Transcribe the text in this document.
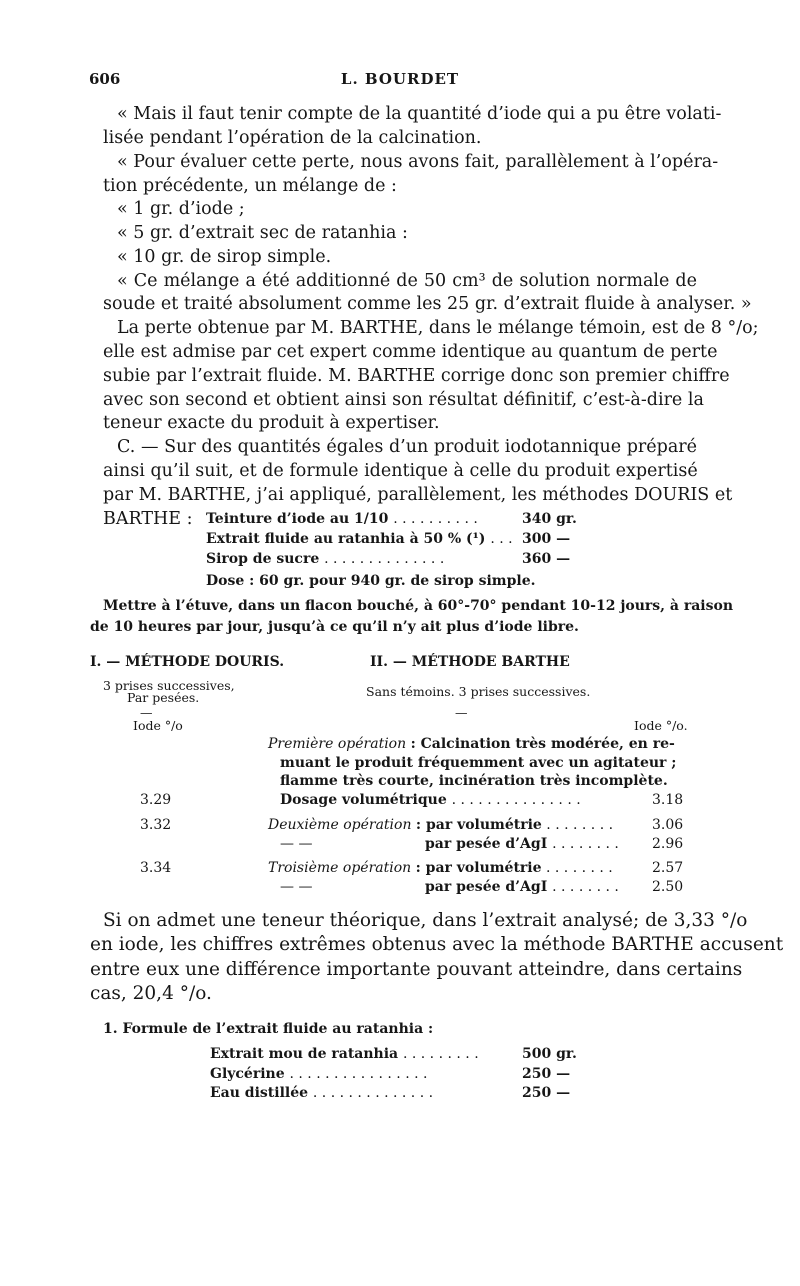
606	L. BOURDET
« Mais il faut tenir compte de la quantité d’iode qui a pu être volati-
lisée pendant l’opération de la calcination.
« Pour évaluer cette perte, nous avons fait, parallèlement à l’opéra-
tion précédente, un mélange de :
« 1 gr. d’iode ;
« 5 gr. d’extrait sec de ratanhia :
« 10 gr. de sirop simple.
« Ce mélange a été additionné de 50 cm³ de solution normale de
soude et traité absolument comme les 25 gr. d’extrait fluide à analyser. »
La perte obtenue par M. BARTHE, dans le mélange témoin, est de 8 °/o;
elle est admise par cet expert comme identique au quantum de perte
subie par l’extrait fluide. M. BARTHE corrige donc son premier chiffre
avec son second et obtient ainsi son résultat définitif, c’est-à-dire la
teneur exacte du produit à expertiser.
C. — Sur des quantités égales d’un produit iodotannique préparé
ainsi qu’il suit, et de formule identique à celle du produit expertisé
par M. BARTHE, j’ai appliqué, parallèlement, les méthodes DOURIS et
BARTHE : Teinture d’iode au 1/10 . . . . . . . . . .	340 gr.
Extrait fluide au ratanhia à 50 % (¹) . . . 300 —
Sirop de sucre . . . . . . . . . . . . . .	360 —
Dose : 60 gr. pour 940 gr. de sirop simple.
Mettre à l’étuve, dans un flacon bouché, à 60°-70° pendant 10-12 jours, à raison
de 10 heures par jour, jusqu’à ce qu’il n’y ait plus d’iode libre.
I. — MÉTHODE DOURIS.
3 prises successives,
Par pesées.
—
Iode °/o
II. — MÉTHODE BARTHE
Sans témoins. 3 prises successives.
—
Iode °/o.
Première opération : Calcination très modérée, en re-
muant le produit fréquemment avec un agitateur ;
flamme très courte, incinération très incomplète.
3.29	Dosage volumétrique . . . . . . . . . . . . . . .	3.18
3.32	Deuxième opération : par volumétrie . . . . . . . .	3.06
— —	par pesée d’AgI . . . . . . . . 2.96
3.34	Troisième opération : par volumétrie . . . . . . . .	2.57
— —	par pesée d’AgI . . . . . . . . 2.50
Si on admet une teneur théorique, dans l’extrait analysé; de 3,33 °/o
en iode, les chiffres extrêmes obtenus avec la méthode BARTHE accusent
entre eux une différence importante pouvant atteindre, dans certains
cas, 20,4 °/o.
1. Formule de l’extrait fluide au ratanhia :
Extrait mou de ratanhia . . . . . . . . .	500 gr.
Glycérine . . . . . . . . . . . . . . . .	250 —
Eau distillée . . . . . . . . . . . . . .	250 —
